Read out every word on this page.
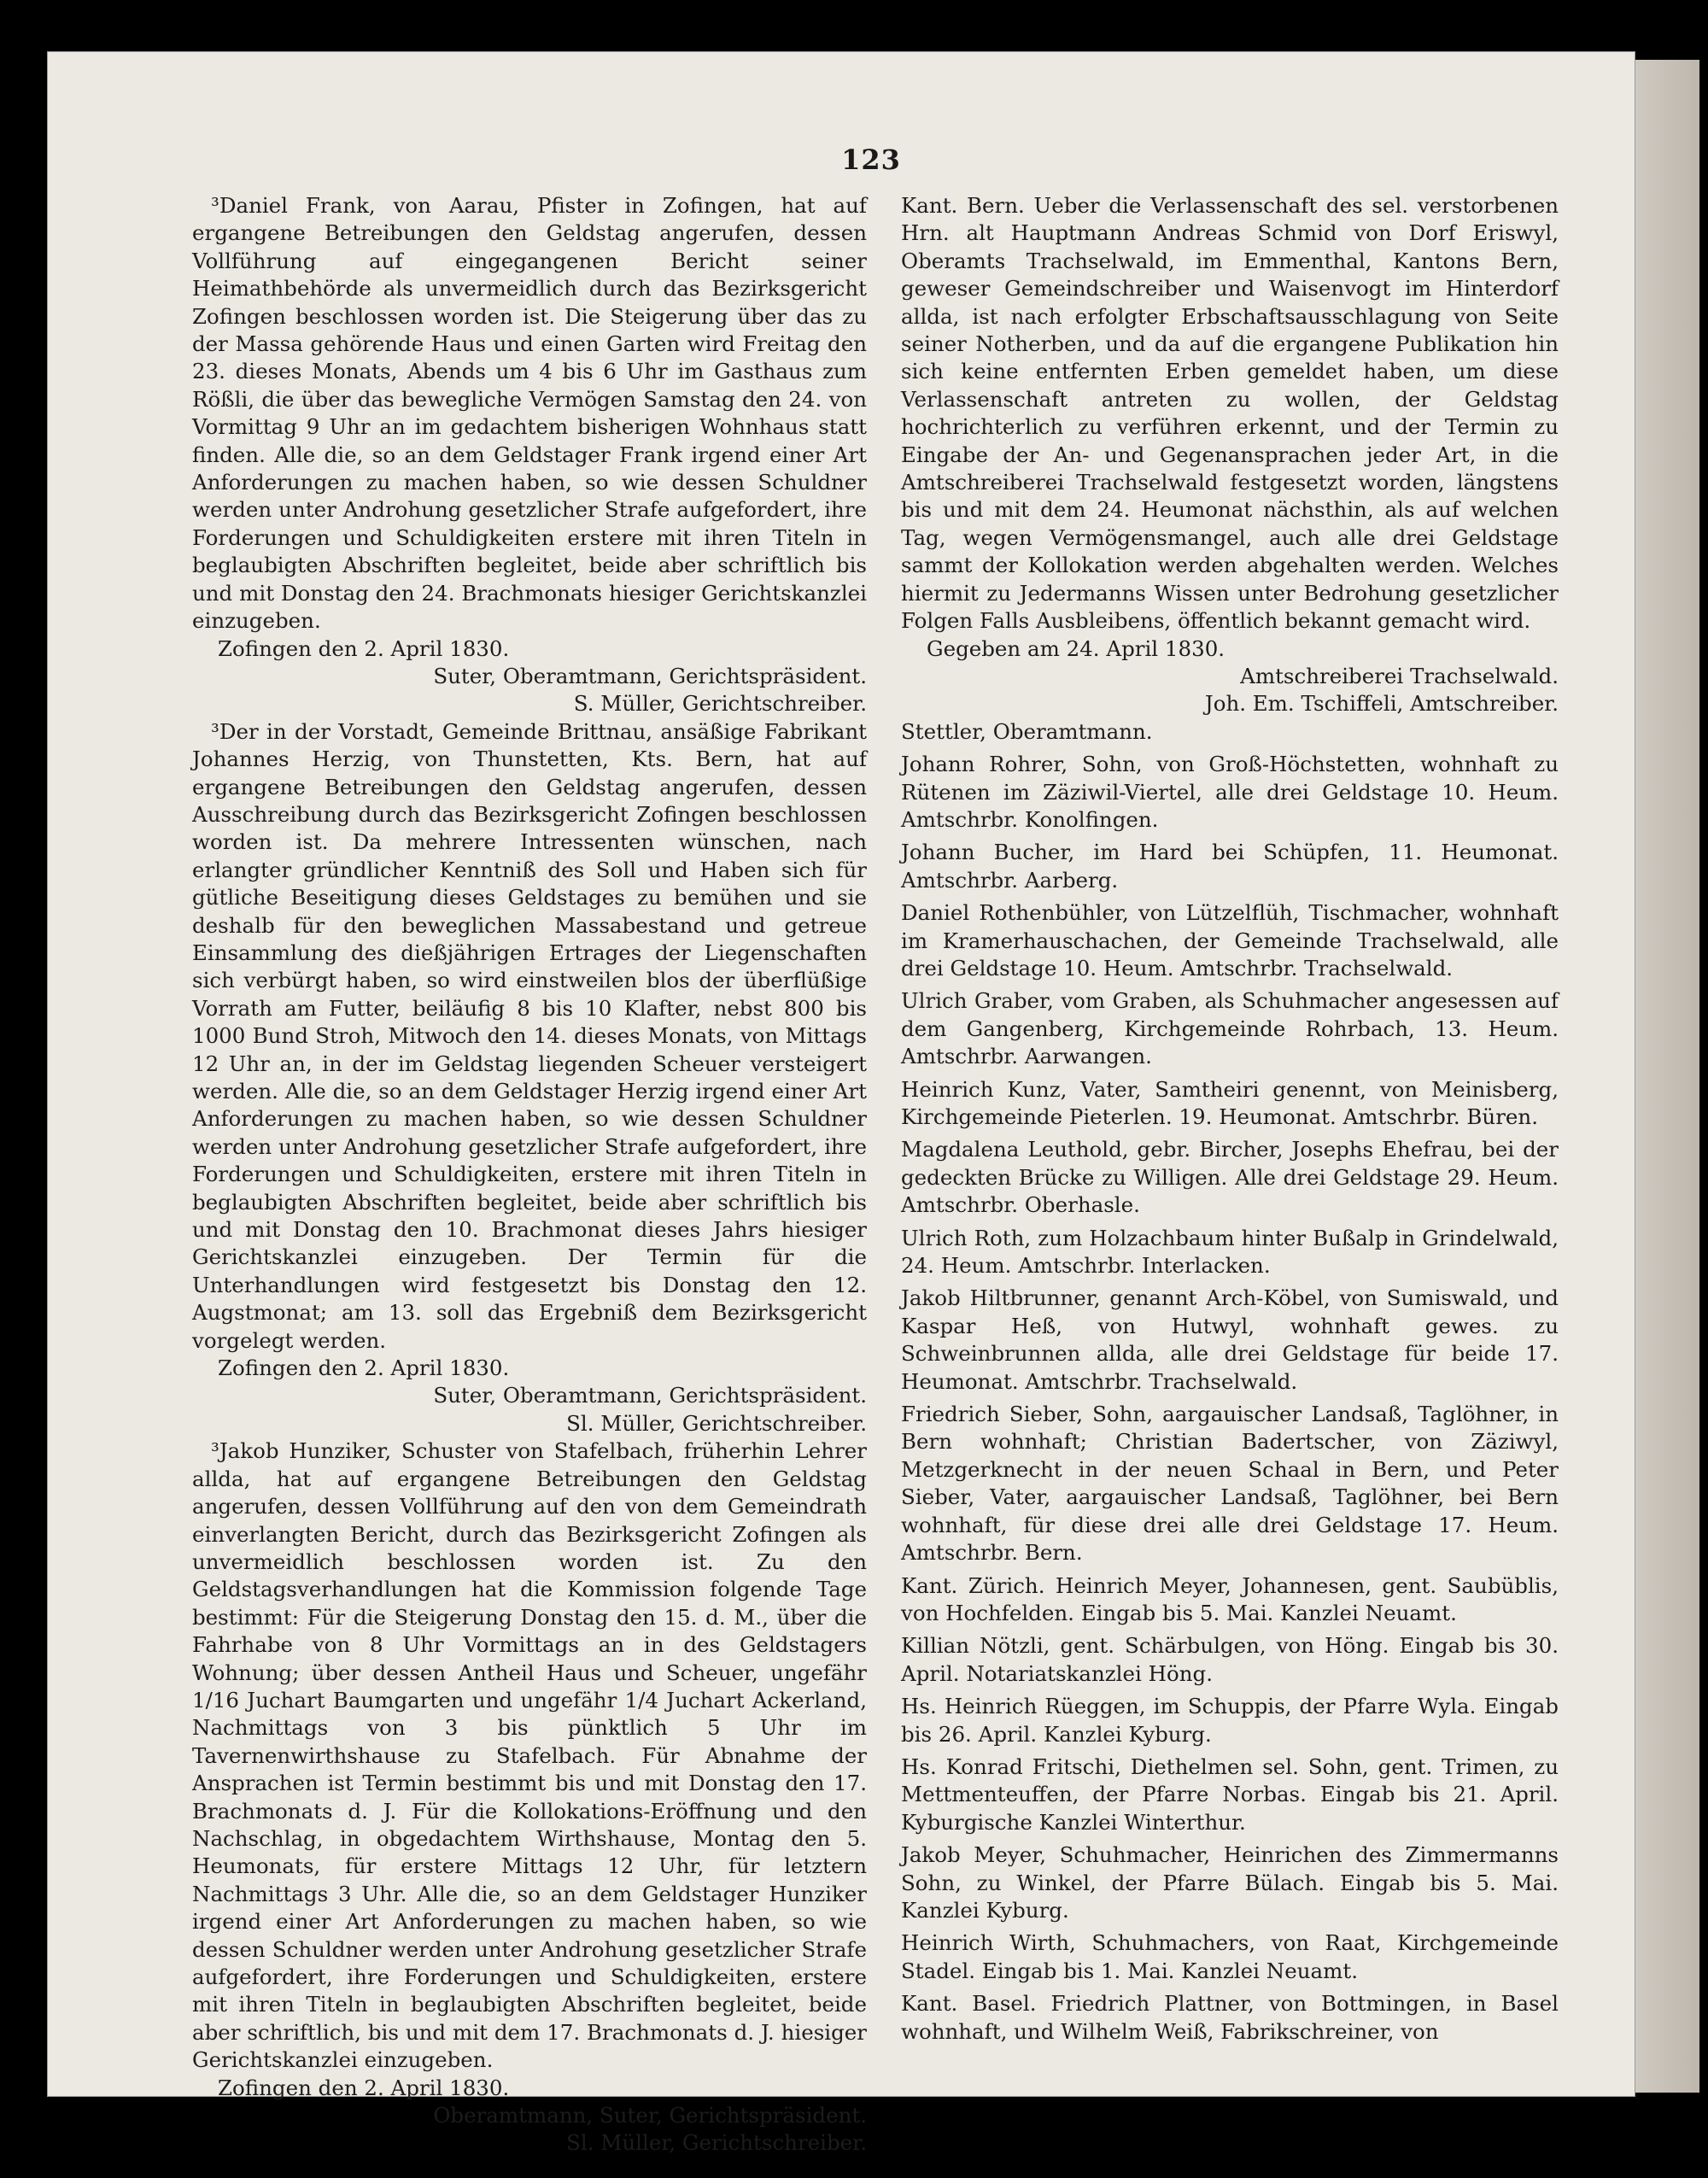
123

³Daniel Frank, von Aarau, Pfister in Zofingen, hat auf ergangene Betreibungen den Geldstag angerufen, dessen Vollführung auf eingegangenen Bericht seiner Heimathbehörde als unvermeidlich durch das Bezirksgericht Zofingen beschlossen worden ist. Die Steigerung über das zu der Massa gehörende Haus und einen Garten wird Freitag den 23. dieses Monats, Abends um 4 bis 6 Uhr im Gasthaus zum Rößli, die über das bewegliche Vermögen Samstag den 24. von Vormittag 9 Uhr an im gedachtem bisherigen Wohnhaus statt finden. Alle die, so an dem Geldstager Frank irgend einer Art Anforderungen zu machen haben, so wie dessen Schuldner werden unter Androhung gesetzlicher Strafe aufgefordert, ihre Forderungen und Schuldigkeiten erstere mit ihren Titeln in beglaubigten Abschriften begleitet, beide aber schriftlich bis und mit Donstag den 24. Brachmonats hiesiger Gerichtskanzlei einzugeben.

Zofingen den 2. April 1830.

Suter, Oberamtmann, Gerichtspräsident.

S. Müller, Gerichtschreiber.

³Der in der Vorstadt, Gemeinde Brittnau, ansäßige Fabrikant Johannes Herzig, von Thunstetten, Kts. Bern, hat auf ergangene Betreibungen den Geldstag angerufen, dessen Ausschreibung durch das Bezirksgericht Zofingen beschlossen worden ist. Da mehrere Intressenten wünschen, nach erlangter gründlicher Kenntniß des Soll und Haben sich für gütliche Beseitigung dieses Geldstages zu bemühen und sie deshalb für den beweglichen Massabestand und getreue Einsammlung des dießjährigen Ertrages der Liegenschaften sich verbürgt haben, so wird einstweilen blos der überflüßige Vorrath am Futter, beiläufig 8 bis 10 Klafter, nebst 800 bis 1000 Bund Stroh, Mitwoch den 14. dieses Monats, von Mittags 12 Uhr an, in der im Geldstag liegenden Scheuer versteigert werden. Alle die, so an dem Geldstager Herzig irgend einer Art Anforderungen zu machen haben, so wie dessen Schuldner werden unter Androhung gesetzlicher Strafe aufgefordert, ihre Forderungen und Schuldigkeiten, erstere mit ihren Titeln in beglaubigten Abschriften begleitet, beide aber schriftlich bis und mit Donstag den 10. Brachmonat dieses Jahrs hiesiger Gerichtskanzlei einzugeben. Der Termin für die Unterhandlungen wird festgesetzt bis Donstag den 12. Augstmonat; am 13. soll das Ergebniß dem Bezirksgericht vorgelegt werden.

Zofingen den 2. April 1830.

Suter, Oberamtmann, Gerichtspräsident.

Sl. Müller, Gerichtschreiber.

³Jakob Hunziker, Schuster von Stafelbach, früherhin Lehrer allda, hat auf ergangene Betreibungen den Geldstag angerufen, dessen Vollführung auf den von dem Gemeindrath einverlangten Bericht, durch das Bezirksgericht Zofingen als unvermeidlich beschlossen worden ist. Zu den Geldstagsverhandlungen hat die Kommission folgende Tage bestimmt: Für die Steigerung Donstag den 15. d. M., über die Fahrhabe von 8 Uhr Vormittags an in des Geldstagers Wohnung; über dessen Antheil Haus und Scheuer, ungefähr 1/16 Juchart Baumgarten und ungefähr 1/4 Juchart Ackerland, Nachmittags von 3 bis pünktlich 5 Uhr im Tavernenwirthshause zu Stafelbach. Für Abnahme der Ansprachen ist Termin bestimmt bis und mit Donstag den 17. Brachmonats d. J. Für die Kollokations-Eröffnung und den Nachschlag, in obgedachtem Wirthshause, Montag den 5. Heumonats, für erstere Mittags 12 Uhr, für letztern Nachmittags 3 Uhr. Alle die, so an dem Geldstager Hunziker irgend einer Art Anforderungen zu machen haben, so wie dessen Schuldner werden unter Androhung gesetzlicher Strafe aufgefordert, ihre Forderungen und Schuldigkeiten, erstere mit ihren Titeln in beglaubigten Abschriften begleitet, beide aber schriftlich, bis und mit dem 17. Brachmonats d. J. hiesiger Gerichtskanzlei einzugeben.

Zofingen den 2. April 1830.

Oberamtmann, Suter, Gerichtspräsident.

Sl. Müller, Gerichtschreiber.

Kant. Bern. Ueber die Verlassenschaft des sel. verstorbenen Hrn. alt Hauptmann Andreas Schmid von Dorf Eriswyl, Oberamts Trachselwald, im Emmenthal, Kantons Bern, geweser Gemeindschreiber und Waisenvogt im Hinterdorf allda, ist nach erfolgter Erbschaftsausschlagung von Seite seiner Notherben, und da auf die ergangene Publikation hin sich keine entfernten Erben gemeldet haben, um diese Verlassenschaft antreten zu wollen, der Geldstag hochrichterlich zu verführen erkennt, und der Termin zu Eingabe der An- und Gegenansprachen jeder Art, in die Amtschreiberei Trachselwald festgesetzt worden, längstens bis und mit dem 24. Heumonat nächsthin, als auf welchen Tag, wegen Vermögensmangel, auch alle drei Geldstage sammt der Kollokation werden abgehalten werden. Welches hiermit zu Jedermanns Wissen unter Bedrohung gesetzlicher Folgen Falls Ausbleibens, öffentlich bekannt gemacht wird.

Gegeben am 24. April 1830.

Amtschreiberei Trachselwald.

Joh. Em. Tschiffeli, Amtschreiber.

Stettler, Oberamtmann.

Johann Rohrer, Sohn, von Groß-Höchstetten, wohnhaft zu Rütenen im Zäziwil-Viertel, alle drei Geldstage 10. Heum. Amtschrbr. Konolfingen.

Johann Bucher, im Hard bei Schüpfen, 11. Heumonat. Amtschrbr. Aarberg.

Daniel Rothenbühler, von Lützelflüh, Tischmacher, wohnhaft im Kramerhauschachen, der Gemeinde Trachselwald, alle drei Geldstage 10. Heum. Amtschrbr. Trachselwald.

Ulrich Graber, vom Graben, als Schuhmacher angesessen auf dem Gangenberg, Kirchgemeinde Rohrbach, 13. Heum. Amtschrbr. Aarwangen.

Heinrich Kunz, Vater, Samtheiri genennt, von Meinisberg, Kirchgemeinde Pieterlen. 19. Heumonat. Amtschrbr. Büren.

Magdalena Leuthold, gebr. Bircher, Josephs Ehefrau, bei der gedeckten Brücke zu Willigen. Alle drei Geldstage 29. Heum. Amtschrbr. Oberhasle.

Ulrich Roth, zum Holzachbaum hinter Bußalp in Grindelwald, 24. Heum. Amtschrbr. Interlacken.

Jakob Hiltbrunner, genannt Arch-Köbel, von Sumiswald, und Kaspar Heß, von Hutwyl, wohnhaft gewes. zu Schweinbrunnen allda, alle drei Geldstage für beide 17. Heumonat. Amtschrbr. Trachselwald.

Friedrich Sieber, Sohn, aargauischer Landsaß, Taglöhner, in Bern wohnhaft; Christian Badertscher, von Zäziwyl, Metzgerknecht in der neuen Schaal in Bern, und Peter Sieber, Vater, aargauischer Landsaß, Taglöhner, bei Bern wohnhaft, für diese drei alle drei Geldstage 17. Heum. Amtschrbr. Bern.

Kant. Zürich. Heinrich Meyer, Johannesen, gent. Saubüblis, von Hochfelden. Eingab bis 5. Mai. Kanzlei Neuamt.

Killian Nötzli, gent. Schärbulgen, von Höng. Eingab bis 30. April. Notariatskanzlei Höng.

Hs. Heinrich Rüeggen, im Schuppis, der Pfarre Wyla. Eingab bis 26. April. Kanzlei Kyburg.

Hs. Konrad Fritschi, Diethelmen sel. Sohn, gent. Trimen, zu Mettmenteuffen, der Pfarre Norbas. Eingab bis 21. April. Kyburgische Kanzlei Winterthur.

Jakob Meyer, Schuhmacher, Heinrichen des Zimmermanns Sohn, zu Winkel, der Pfarre Bülach. Eingab bis 5. Mai. Kanzlei Kyburg.

Heinrich Wirth, Schuhmachers, von Raat, Kirchgemeinde Stadel. Eingab bis 1. Mai. Kanzlei Neuamt.

Kant. Basel. Friedrich Plattner, von Bottmingen, in Basel wohnhaft, und Wilhelm Weiß, Fabrikschreiner, von
